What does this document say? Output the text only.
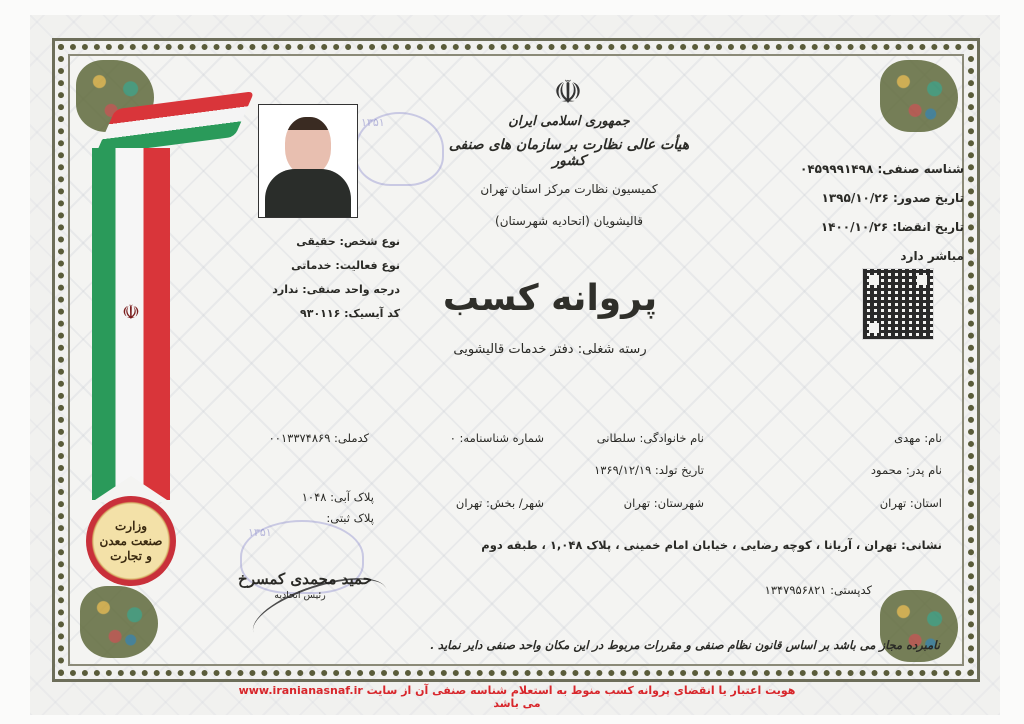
☫
وزارت
صنعت معدن
و تجارت
۱۳۵۱
☫
جمهوری اسلامی ایران
هیأت عالی نظارت بر سازمان های صنفی کشور
کمیسیون نظارت مرکز استان تهران
قالیشویان (اتحادیه شهرستان)
شناسه صنفی: ۰۴۵۹۹۹۱۴۹۸
تاریخ صدور: ۱۳۹۵/۱۰/۲۶
تاریخ انقضا: ۱۴۰۰/۱۰/۲۶
مباشر دارد
نوع شخص: حقیقی
نوع فعالیت: خدماتی
درجه واحد صنفی: ندارد
کد آیسیک: ۹۳۰۱۱۶	پروانه کسب
رسته شغلی: دفتر خدمات قالیشویی
نام: مهدی
نام خانوادگی: سلطانی
شماره شناسنامه: ۰
کدملی: ۰۰۱۳۳۷۴۸۶۹
نام پدر: محمود
تاریخ تولد: ۱۳۶۹/۱۲/۱۹
استان: تهران
شهرستان: تهران
شهر/ بخش: تهران
پلاک آبی: ۱۰۴۸
پلاک ثبتی:
نشانی: تهران ، آریانا ، کوچه رضایی ، خیابان امام خمینی ، پلاک ۱,۰۴۸ ، طبقه دوم
کدپستی: ۱۳۴۷۹۵۶۸۲۱
۱۳۵۱
حمید محمدی کمسرخ
رئیس اتحادیه
نامبرده مجاز می باشد بر اساس قانون نظام صنفی و مقررات مربوط در این مکان واحد صنفی دایر نماید .
هویت اعتبار یا انقضای پروانه کسب منوط به استعلام شناسه صنفی آن از سایت www.iranianasnaf.ir می باشد
